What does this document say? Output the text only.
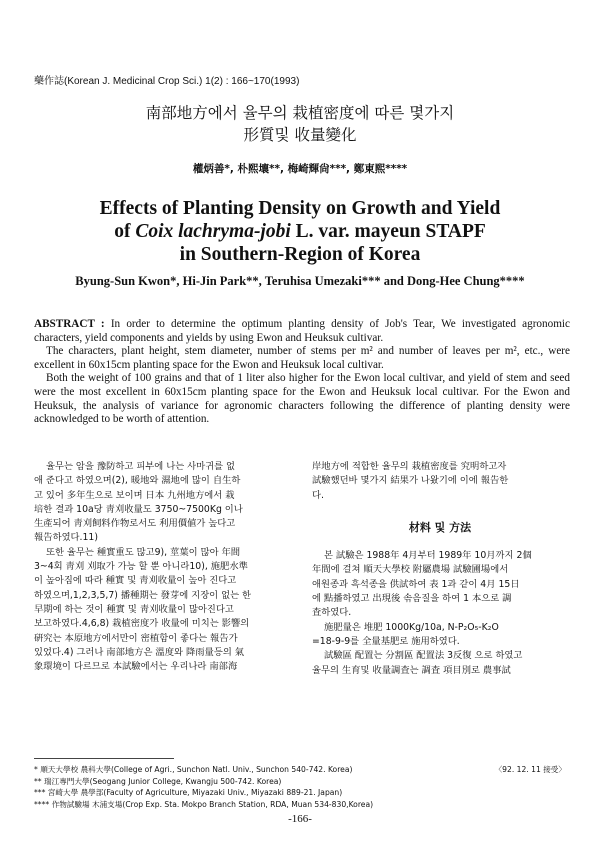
藥作誌(Korean J. Medicinal Crop Sci.) 1(2) : 166~170(1993)
南部地方에서 율무의 栽植密度에 따른 몇가지
形質및 收量變化
權炳善*, 朴熙壤**, 梅崎輝尙***, 鄭東熙****
Effects of Planting Density on Growth and Yield
of Coix lachryma-jobi L. var. mayeun STAPF
in Southern-Region of Korea
Byung-Sun Kwon*, Hi-Jin Park**, Teruhisa Umezaki*** and Dong-Hee Chung****

ABSTRACT : In order to determine the optimum planting density of Job's Tear, We investigated agronomic characters, yield components and yields by using Ewon and Heuksuk cultivar.

The characters, plant height, stem diameter, number of stems per m² and number of leaves per m², etc., were excellent in 60x15cm planting space for the Ewon and Heuksuk local cultivar.

Both the weight of 100 grains and that of 1 liter also higher for the Ewon local cultivar, and yield of stem and seed were the most excellent in 60x15cm planting space for the Ewon and Heuksuk local cultivar. For the Ewon and Heuksuk, the analysis of variance for agronomic characters following the difference of planting density were acknowledged to be worth of attention.

율무는 암을 豫防하고 피부에 나는 사마귀를 없
애 준다고 하였으며(2), 暖地와 濕地에 많이 自生하
고 있어 多年生으로 보이며 日本 九州地方에서 栽
培한 결과 10a당 靑刈收量도 3750~7500Kg 이나
生產되어 靑刈飼料作物로서도 利用價値가 높다고
報告하였다.11)
또한 율무는 種實重도 많고9), 莖葉이 많아 年間
3~4회 靑刈 刈取가 가능 할 뿐 아니라10), 施肥水準
이 높아짐에 따라 種實 및 靑刈收量이 높아 진다고
하였으며,1,2,3,5,7) 播種期는 發芽에 지장이 없는 한
早期에 하는 것이 種實 및 靑刈收量이 많아진다고
보고하였다.4,6,8) 栽植密度가 收量에 미치는 影響의
硏究는 本原地方에서만이 密植함이 좋다는 報告가
있었다.4) 그러나 南部地方은 溫度와 降雨量등의 氣
象環境이 다르므로 本試驗에서는 우리나라 南部海
岸地方에 적합한 율무의 栽植密度를 究明하고자
試驗했던바 몇가지 結果가 나왔기에 이에 報告한
다.
材料 및 方法
본 試驗은 1988年 4月부터 1989年 10月까지 2個
年間에 걸쳐 順天大學校 附屬農場 試驗圃場에서
애원종과 흑석종을 供試하여 表 1과 같이 4月 15日
에 點播하였고 出現後 솎음질을 하여 1 本으로 調
査하였다.
施肥量은 堆肥 1000Kg/10a, N-P₂O₅-K₂O
=18-9-9를 全量基肥로 施用하였다.
試驗區 配置는 分割區 配置法 3反復 으로 하였고
율무의 生育및 收量調査는 調査 項目別로 農事試
* 順天大學校 農科大學(College of Agri., Sunchon Natl. Univ., Sunchon 540-742. Korea)
** 瑞江專門大學(Seogang Junior College, Kwangju 500-742. Korea)
*** 宮崎大學 農學部(Faculty of Agriculture, Miyazaki Univ., Miyazaki 889-21. Japan)
**** 作物試驗場 木浦支場(Crop Exp. Sta. Mokpo Branch Station, RDA, Muan 534-830,Korea)
〈92. 12. 11 接受〉
-166-
